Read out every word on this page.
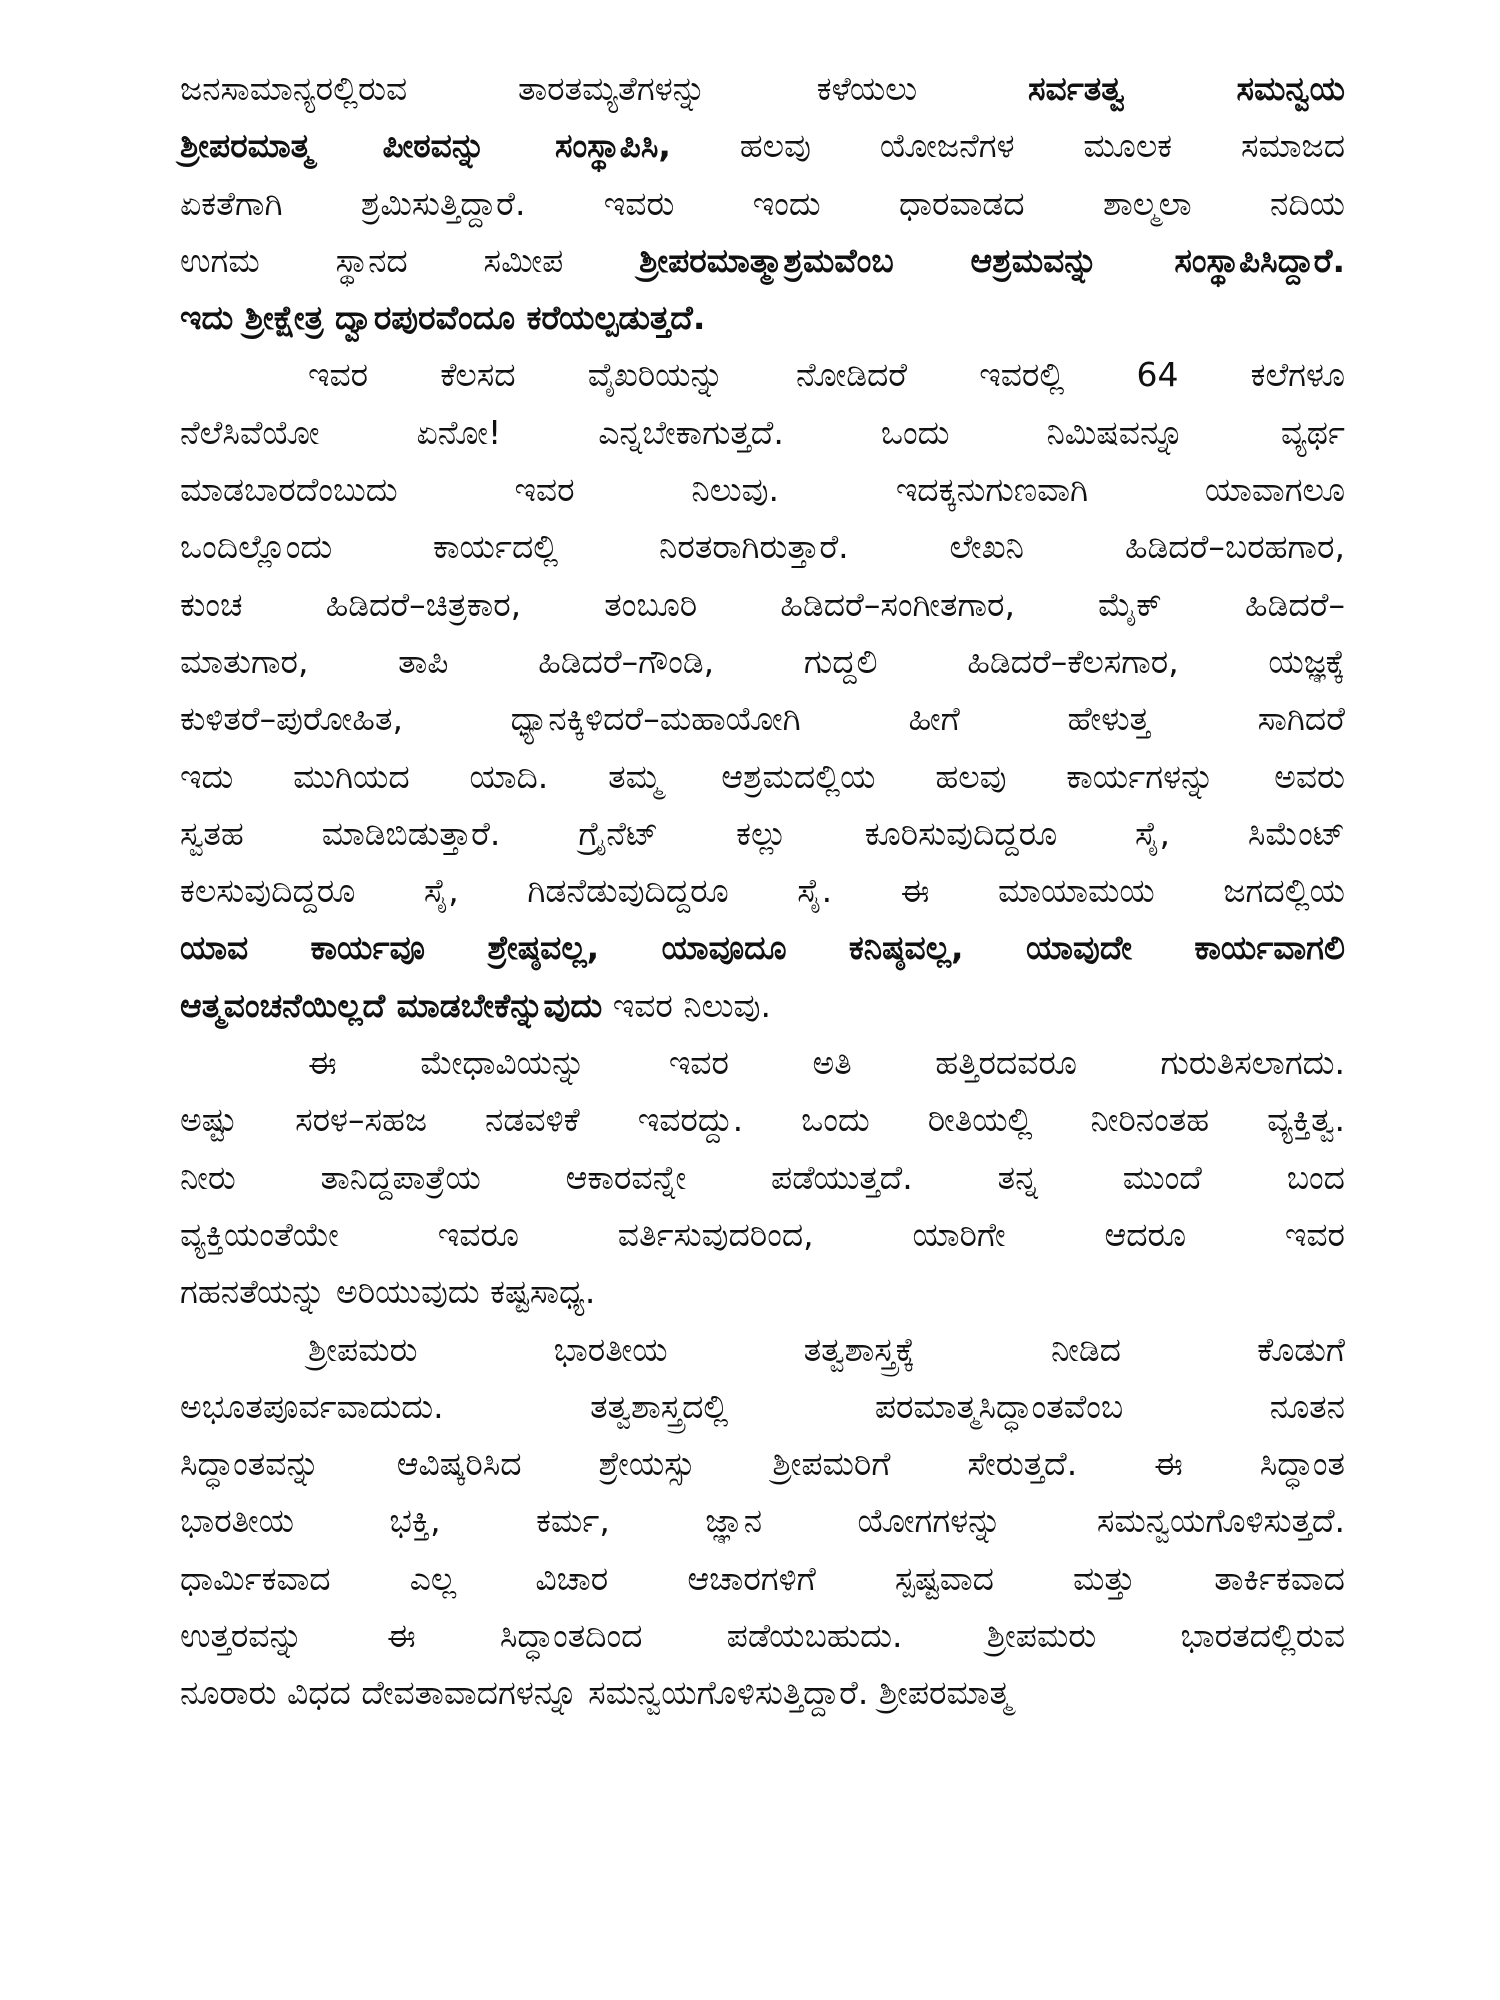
ಜನಸಾಮಾನ್ಯರಲ್ಲಿರುವ ತಾರತಮ್ಯತೆಗಳನ್ನು ಕಳೆಯಲು ಸರ್ವತತ್ವ ಸಮನ್ವಯ
ಶ್ರೀಪರಮಾತ್ಮ ಪೀಠವನ್ನು ಸಂಸ್ಥಾಪಿಸಿ, ಹಲವು ಯೋಜನೆಗಳ ಮೂಲಕ ಸಮಾಜದ
ಏಕತೆಗಾಗಿ ಶ್ರಮಿಸುತ್ತಿದ್ದಾರೆ. ಇವರು ಇಂದು ಧಾರವಾಡದ ಶಾಲ್ಮಲಾ ನದಿಯ
ಉಗಮ ಸ್ಥಾನದ ಸಮೀಪ ಶ್ರೀಪರಮಾತ್ಮಾಶ್ರಮವೆಂಬ ಆಶ್ರಮವನ್ನು ಸಂಸ್ಥಾಪಿಸಿದ್ದಾರೆ.
ಇದು ಶ್ರೀಕ್ಷೇತ್ರ ದ್ವಾರಪುರವೆಂದೂ ಕರೆಯಲ್ಪಡುತ್ತದೆ.
ಇವರ ಕೆಲಸದ ವೈಖರಿಯನ್ನು ನೋಡಿದರೆ ಇವರಲ್ಲಿ 64 ಕಲೆಗಳೂ
ನೆಲೆಸಿವೆಯೋ ಏನೋ! ಎನ್ನಬೇಕಾಗುತ್ತದೆ. ಒಂದು ನಿಮಿಷವನ್ನೂ ವ್ಯರ್ಥ
ಮಾಡಬಾರದೆಂಬುದು ಇವರ ನಿಲುವು. ಇದಕ್ಕನುಗುಣವಾಗಿ ಯಾವಾಗಲೂ
ಒಂದಿಲ್ಲೊಂದು ಕಾರ್ಯದಲ್ಲಿ ನಿರತರಾಗಿರುತ್ತಾರೆ. ಲೇಖನಿ ಹಿಡಿದರೆ–ಬರಹಗಾರ,
ಕುಂಚ ಹಿಡಿದರೆ–ಚಿತ್ರಕಾರ, ತಂಬೂರಿ ಹಿಡಿದರೆ–ಸಂಗೀತಗಾರ, ಮೈಕ್ ಹಿಡಿದರೆ–
ಮಾತುಗಾರ, ತಾಪಿ ಹಿಡಿದರೆ–ಗೌಂಡಿ, ಗುದ್ದಲಿ ಹಿಡಿದರೆ–ಕೆಲಸಗಾರ, ಯಜ್ಞಕ್ಕೆ
ಕುಳಿತರೆ–ಪುರೋಹಿತ, ಧ್ಯಾನಕ್ಕಿಳಿದರೆ–ಮಹಾಯೋಗಿ ಹೀಗೆ ಹೇಳುತ್ತ ಸಾಗಿದರೆ
ಇದು ಮುಗಿಯದ ಯಾದಿ. ತಮ್ಮ ಆಶ್ರಮದಲ್ಲಿಯ ಹಲವು ಕಾರ್ಯಗಳನ್ನು ಅವರು
ಸ್ವತಹ ಮಾಡಿಬಿಡುತ್ತಾರೆ. ಗ್ರೈನೆಟ್ ಕಲ್ಲು ಕೂರಿಸುವುದಿದ್ದರೂ ಸೈ, ಸಿಮೆಂಟ್
ಕಲಸುವುದಿದ್ದರೂ ಸೈ, ಗಿಡನೆಡುವುದಿದ್ದರೂ ಸೈ. ಈ ಮಾಯಾಮಯ ಜಗದಲ್ಲಿಯ
ಯಾವ ಕಾರ್ಯವೂ ಶ್ರೇಷ್ಠವಲ್ಲ, ಯಾವೂದೂ ಕನಿಷ್ಠವಲ್ಲ, ಯಾವುದೇ ಕಾರ್ಯವಾಗಲಿ
ಆತ್ಮವಂಚನೆಯಿಲ್ಲದೆ ಮಾಡಬೇಕೆನ್ನುವುದು ಇವರ ನಿಲುವು.
ಈ ಮೇಧಾವಿಯನ್ನು ಇವರ ಅತಿ ಹತ್ತಿರದವರೂ ಗುರುತಿಸಲಾಗದು.
ಅಷ್ಟು ಸರಳ–ಸಹಜ ನಡವಳಿಕೆ ಇವರದ್ದು. ಒಂದು ರೀತಿಯಲ್ಲಿ ನೀರಿನಂತಹ ವ್ಯಕ್ತಿತ್ವ.
ನೀರು ತಾನಿದ್ದಪಾತ್ರೆಯ ಆಕಾರವನ್ನೇ ಪಡೆಯುತ್ತದೆ. ತನ್ನ ಮುಂದೆ ಬಂದ
ವ್ಯಕ್ತಿಯಂತೆಯೇ ಇವರೂ ವರ್ತಿಸುವುದರಿಂದ, ಯಾರಿಗೇ ಆದರೂ ಇವರ
ಗಹನತೆಯನ್ನು ಅರಿಯುವುದು ಕಷ್ಟಸಾಧ್ಯ.
ಶ್ರೀಪಮರು ಭಾರತೀಯ ತತ್ವಶಾಸ್ತ್ರಕ್ಕೆ ನೀಡಿದ ಕೊಡುಗೆ
ಅಭೂತಪೂರ್ವವಾದುದು. ತತ್ವಶಾಸ್ತ್ರದಲ್ಲಿ ಪರಮಾತ್ಮಸಿದ್ಧಾಂತವೆಂಬ ನೂತನ
ಸಿದ್ಧಾಂತವನ್ನು ಆವಿಷ್ಕರಿಸಿದ ಶ್ರೇಯಸ್ಸು ಶ್ರೀಪಮರಿಗೆ ಸೇರುತ್ತದೆ. ಈ ಸಿದ್ಧಾಂತ
ಭಾರತೀಯ ಭಕ್ತಿ, ಕರ್ಮ, ಜ್ಞಾನ ಯೋಗಗಳನ್ನು ಸಮನ್ವಯಗೊಳಿಸುತ್ತದೆ.
ಧಾರ್ಮಿಕವಾದ ಎಲ್ಲ ವಿಚಾರ ಆಚಾರಗಳಿಗೆ ಸ್ಪಷ್ಟವಾದ ಮತ್ತು ತಾರ್ಕಿಕವಾದ
ಉತ್ತರವನ್ನು ಈ ಸಿದ್ಧಾಂತದಿಂದ ಪಡೆಯಬಹುದು. ಶ್ರೀಪಮರು ಭಾರತದಲ್ಲಿರುವ
ನೂರಾರು ವಿಧದ ದೇವತಾವಾದಗಳನ್ನೂ ಸಮನ್ವಯಗೊಳಿಸುತ್ತಿದ್ದಾರೆ. ಶ್ರೀಪರಮಾತ್ಮ
